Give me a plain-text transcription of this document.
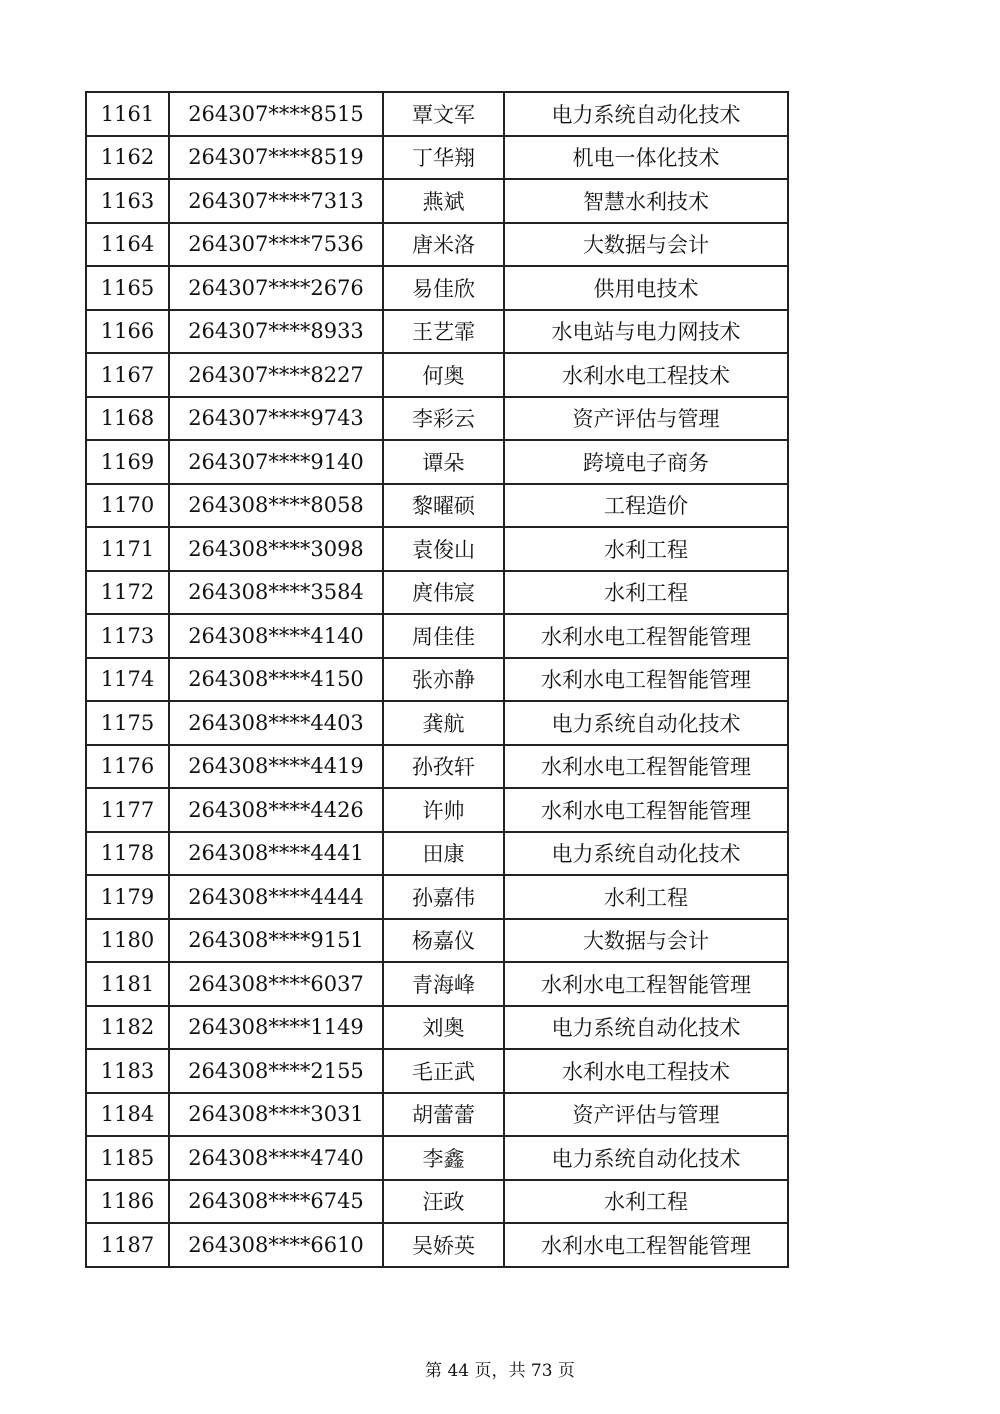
1161	264307****8515	覃文军	电力系统自动化技术
1162	264307****8519	丁华翔	机电一体化技术
1163	264307****7313	燕斌	智慧水利技术
1164	264307****7536	唐米洛	大数据与会计
1165	264307****2676	易佳欣	供用电技术
1166	264307****8933	王艺霏	水电站与电力网技术
1167	264307****8227	何奥	水利水电工程技术
1168	264307****9743	李彩云	资产评估与管理
1169	264307****9140	谭朵	跨境电子商务
1170	264308****8058	黎曜硕	工程造价
1171	264308****3098	袁俊山	水利工程
1172	264308****3584	庹伟宸	水利工程
1173	264308****4140	周佳佳	水利水电工程智能管理
1174	264308****4150	张亦静	水利水电工程智能管理
1175	264308****4403	龚航	电力系统自动化技术
1176	264308****4419	孙孜轩	水利水电工程智能管理
1177	264308****4426	许帅	水利水电工程智能管理
1178	264308****4441	田康	电力系统自动化技术
1179	264308****4444	孙嘉伟	水利工程
1180	264308****9151	杨嘉仪	大数据与会计
1181	264308****6037	青海峰	水利水电工程智能管理
1182	264308****1149	刘奥	电力系统自动化技术
1183	264308****2155	毛正武	水利水电工程技术
1184	264308****3031	胡蕾蕾	资产评估与管理
1185	264308****4740	李鑫	电力系统自动化技术
1186	264308****6745	汪政	水利工程
1187	264308****6610	吴娇英	水利水电工程智能管理
第 44 页，共 73 页
